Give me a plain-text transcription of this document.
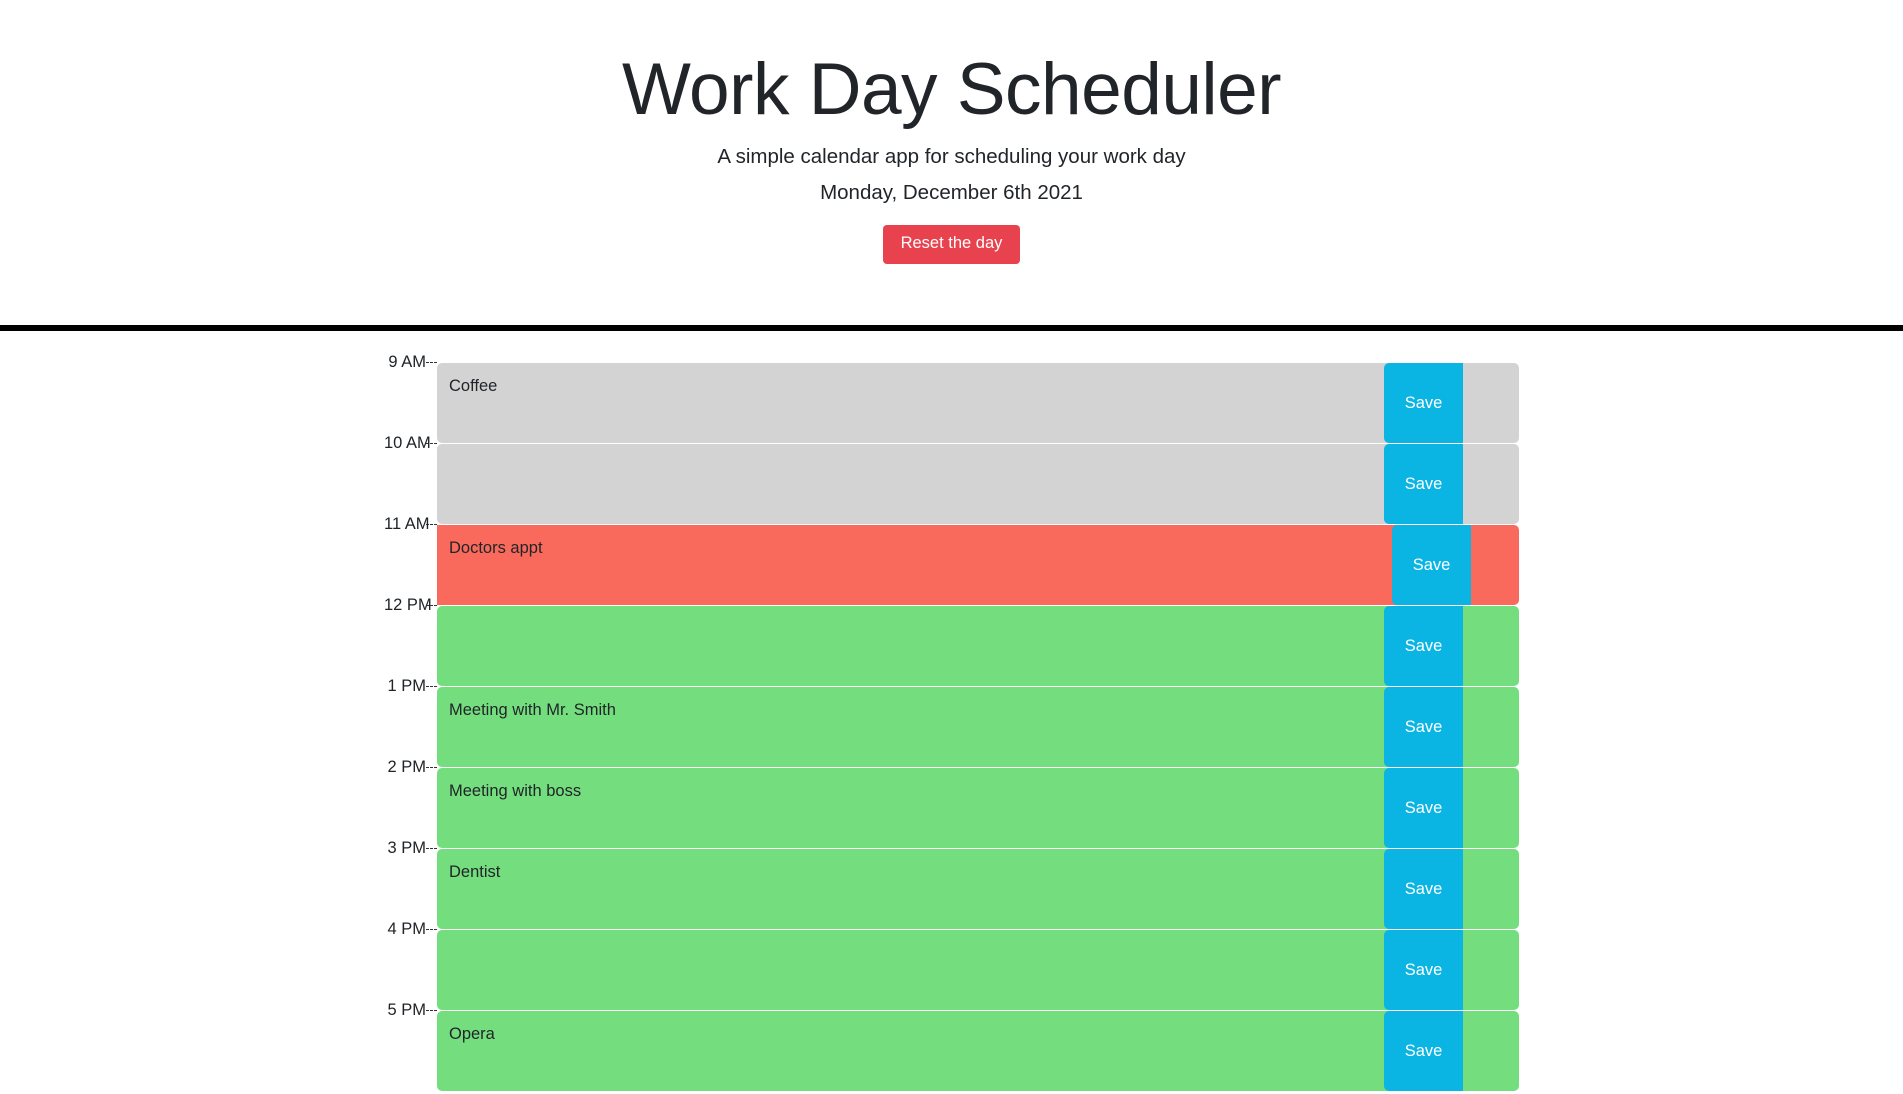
Work Day Scheduler

A simple calendar app for scheduling your work day

Monday, December 6th 2021

Reset the day
9 AM
Coffee
Save
10 AM
Save
11 AM
Doctors appt
Save
12 PM
Save
1 PM
Meeting with Mr. Smith
Save
2 PM
Meeting with boss
Save
3 PM
Dentist
Save
4 PM
Save
5 PM
Opera
Save
